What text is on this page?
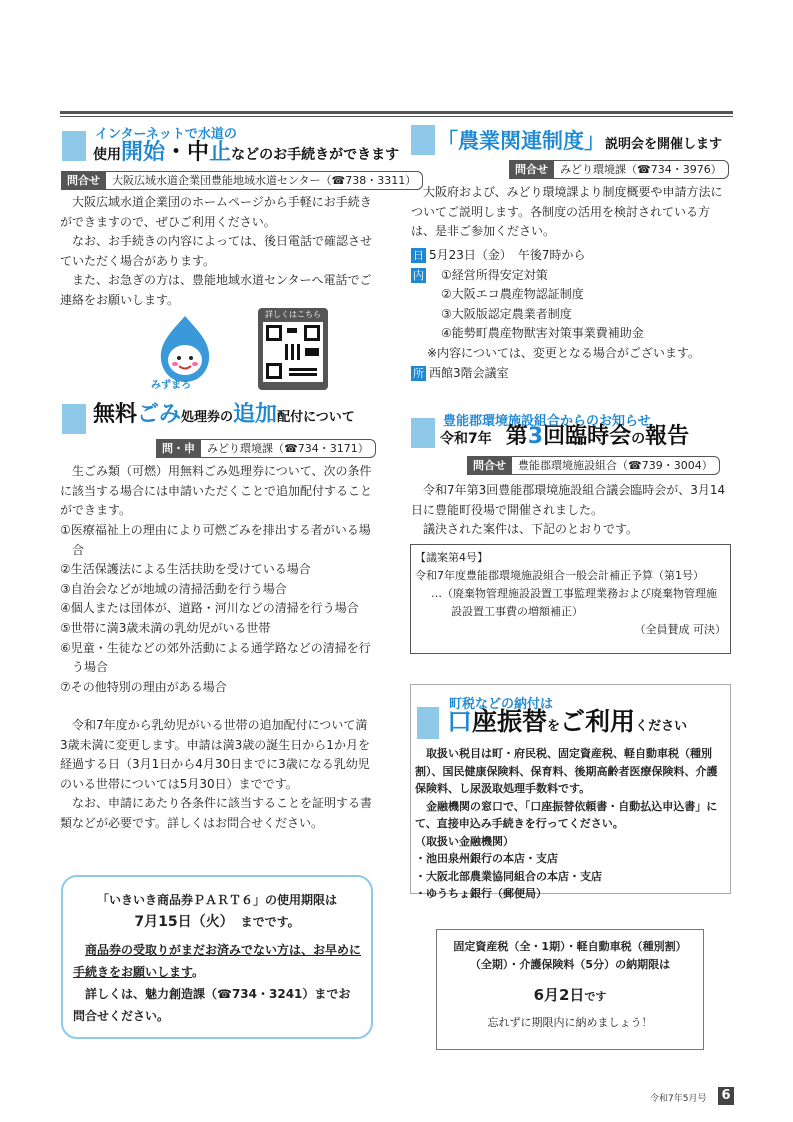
インターネットで水道の
使用開始・中止などのお手続きができます
問合せ	大阪広域水道企業団豊能地域水道センター（☎738・3311）

大阪広域水道企業団のホームページから手軽にお手続きができますので、ぜひご利用ください。

なお、お手続きの内容によっては、後日電話で確認させていただく場合があります。

また、お急ぎの方は、豊能地域水道センターへ電話でご連絡をお願いします。

みずまろ
詳しくはこちら
無料ごみ処理券の追加配付について
問・申	みどり環境課（☎734・3171）

生ごみ類（可燃）用無料ごみ処理券について、次の条件に該当する場合には申請いただくことで追加配付することができます。

①医療福祉上の理由により可燃ごみを排出する者がいる場合
②生活保護法による生活扶助を受けている場合
③自治会などが地域の清掃活動を行う場合
④個人または団体が、道路・河川などの清掃を行う場合
⑤世帯に満3歳未満の乳幼児がいる世帯
⑥児童・生徒などの郊外活動による通学路などの清掃を行う場合
⑦その他特別の理由がある場合

令和7年度から乳幼児がいる世帯の追加配付について満3歳未満に変更します。申請は満3歳の誕生日から1か月を経過する日（3月1日から4月30日までに3歳になる乳幼児のいる世帯については5月30日）までです。

なお、申請にあたり各条件に該当することを証明する書類などが必要です。詳しくはお問合せください。

「いきいき商品券ＰＡＲＴ６」の使用期限は
7月15日（火）　 までです。
商品券の受取りがまだお済みでない方は、お早めに手続きをお願いします。
詳しくは、魅力創造課（☎734・3241）までお問合せください。
「農業関連制度」説明会を開催します
問合せ	みどり環境課（☎734・3976）

大阪府および、みどり環境課より制度概要や申請方法についてご説明します。各制度の活用を検討されている方は、是非ご参加ください。

日 5月23日（金）　午後7時から
内　 ①経営所得安定対策
②大阪エコ農産物認証制度
③大阪版認定農業者制度
④能勢町農産物獣害対策事業費補助金
※内容については、変更となる場合がございます。
所 西館3階会議室
豊能郡環境施設組合からのお知らせ
令和7年　 第3回臨時会の報告
問合せ	豊能郡環境施設組合（☎739・3004）

令和7年第3回豊能郡環境施設組合議会臨時会が、3月14日に豊能町役場で開催されました。

議決された案件は、下記のとおりです。

【議案第4号】
令和7年度豊能郡環境施設組合一般会計補正予算（第1号）
…（廃棄物管理施設設置工事監理業務および廃棄物管理施設設置工事費の増額補正）
（全員賛成 可決）
町税などの納付は
口座振替をご利用ください
取扱い税目は町・府民税、固定資産税、軽自動車税（種別割）、国民健康保険料、保育料、後期高齢者医療保険料、介護保険料、し尿汲取処理手数料です。
金融機関の窓口で、「口座振替依頼書・自動払込申込書」にて、直接申込み手続きを行ってください。
（取扱い金融機関）
・池田泉州銀行の本店・支店
・大阪北部農業協同組合の本店・支店
・ゆうちょ銀行（郵便局）
固定資産税（全・1期）・軽自動車税（種別割）
（全期）・介護保険料（5分）の納期限は
6月2日です
忘れずに期限内に納めましょう！
令和7年5月号 6
